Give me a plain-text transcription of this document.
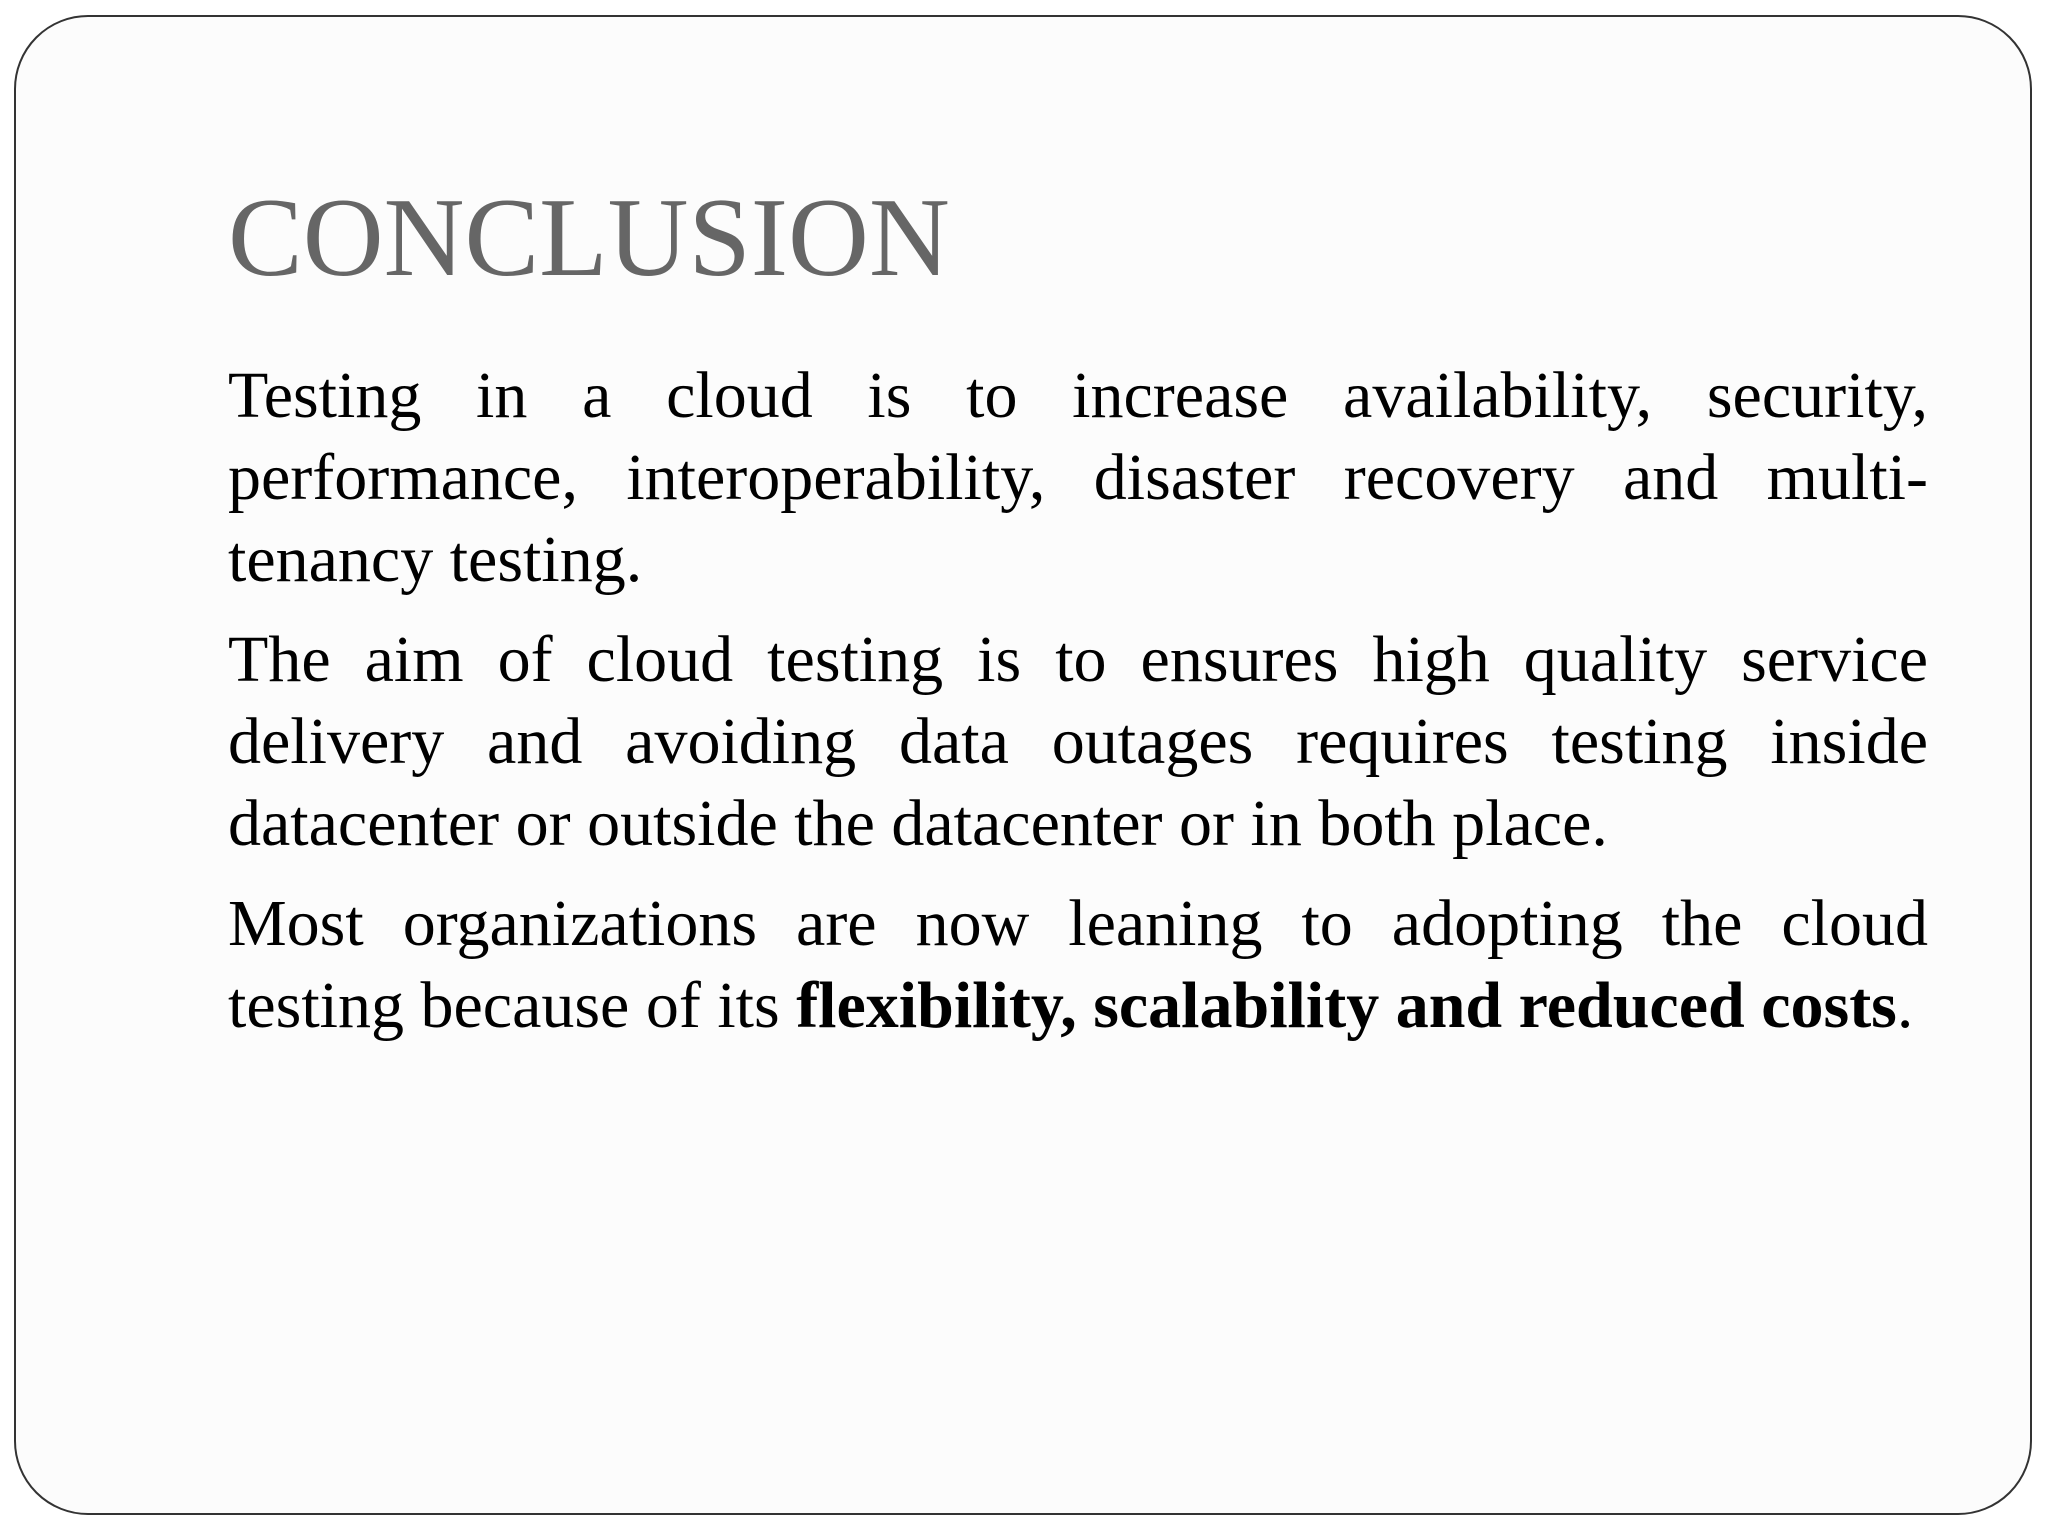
CONCLUSION

Testing in a cloud is to increase availability, security, performance, interoperability, disaster recovery and multi-tenancy testing.

The aim of cloud testing is to ensures high quality service delivery and avoiding data outages requires testing inside datacenter or outside the datacenter or in both place.

Most organizations are now leaning to adopting the cloud testing because of its flexibility, scalability and reduced costs.
